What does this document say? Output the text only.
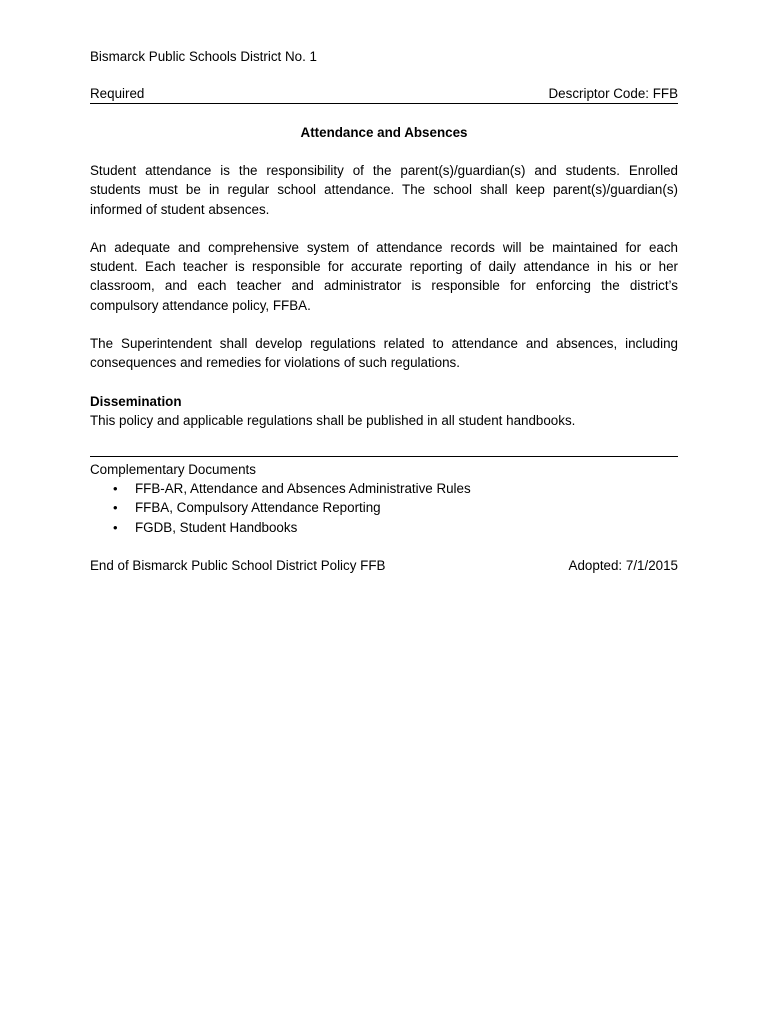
Bismarck Public Schools District No. 1
Required	Descriptor Code: FFB
Attendance and Absences

Student attendance is the responsibility of the parent(s)/guardian(s) and students. Enrolled students must be in regular school attendance. The school shall keep parent(s)/guardian(s) informed of student absences.

An adequate and comprehensive system of attendance records will be maintained for each student. Each teacher is responsible for accurate reporting of daily attendance in his or her classroom, and each teacher and administrator is responsible for enforcing the district’s compulsory attendance policy, FFBA.

The Superintendent shall develop regulations related to attendance and absences, including consequences and remedies for violations of such regulations.

Dissemination

This policy and applicable regulations shall be published in all student handbooks.

Complementary Documents
• FFB-AR, Attendance and Absences Administrative Rules
• FFBA, Compulsory Attendance Reporting
• FGDB, Student Handbooks
End of Bismarck Public School District Policy FFB	Adopted: 7/1/2015
